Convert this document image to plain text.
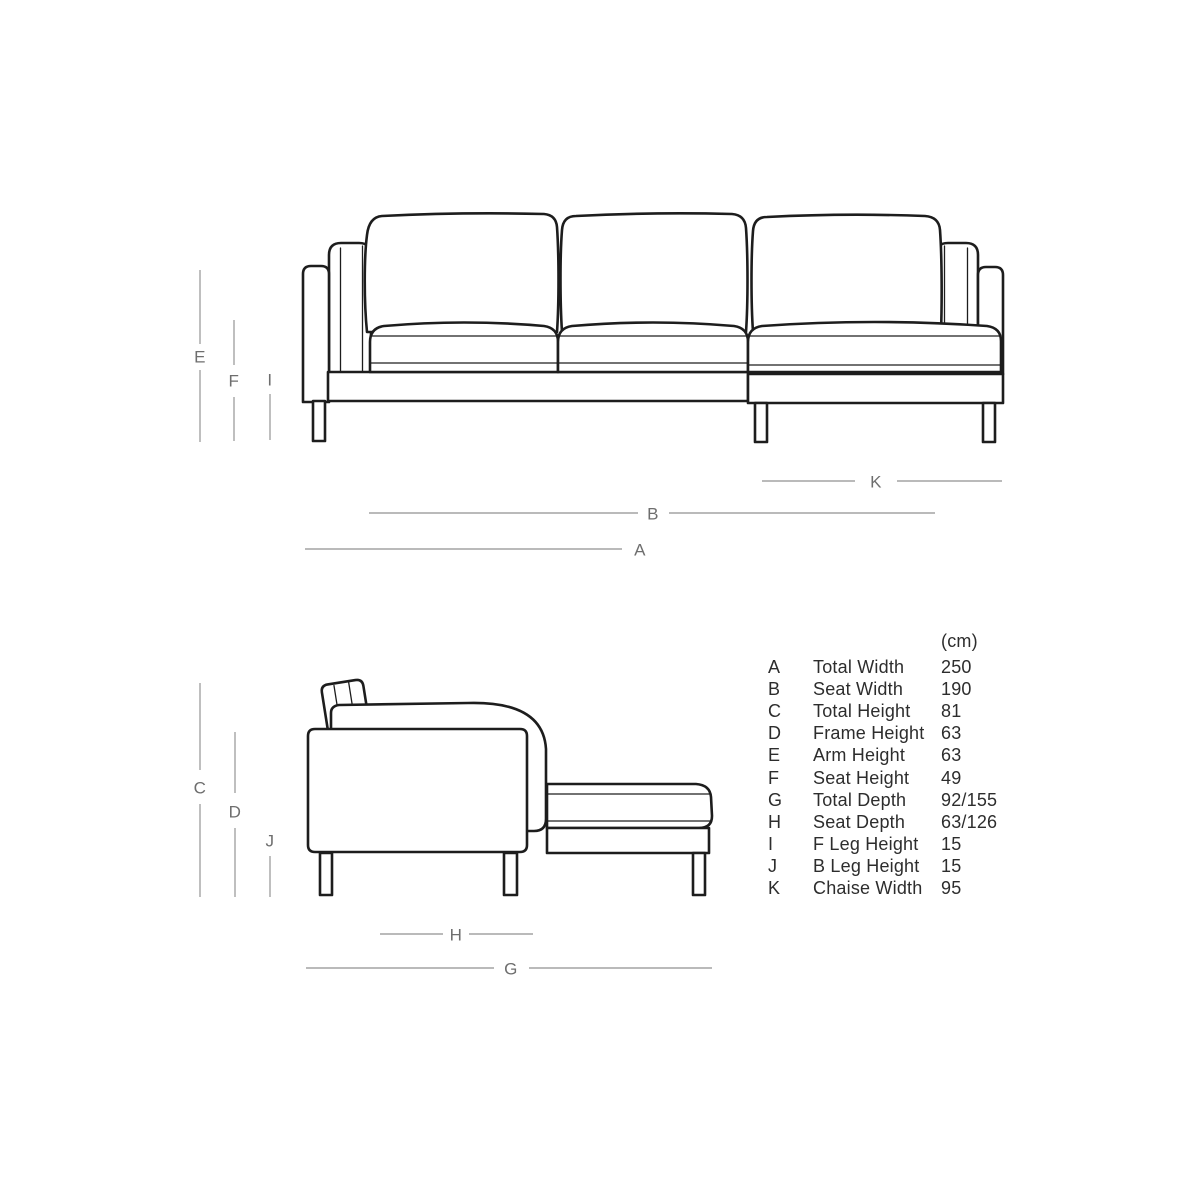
E
F I
K
B
A
C
D
J
H
G
(cm)
A	Total Width	250
B	Seat Width	190
C	Total Height	81
D	Frame Height 63
E	Arm Height	63
F	Seat Height	49
G	Total Depth	92/155
H	Seat Depth	63/126
I	F Leg Height	15
J	B Leg Height	15
K	Chaise Width	95
